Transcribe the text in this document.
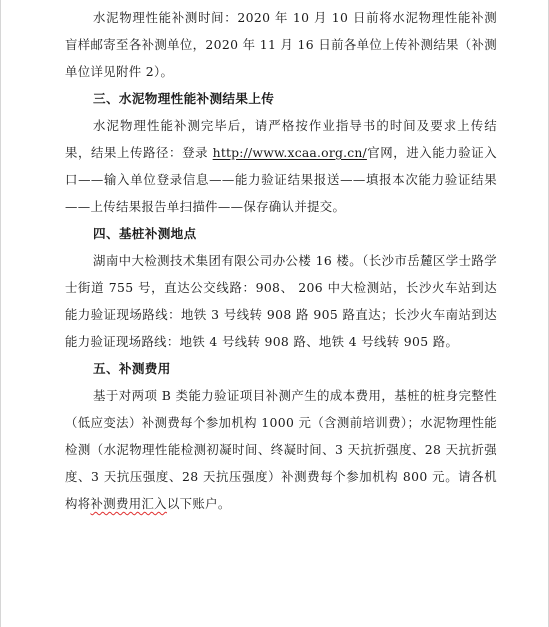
水泥物理性能补测时间：2020 年 10 月 10 日前将水泥物理性能补测盲样邮寄至各补测单位，2020 年 11 月 16 日前各单位上传补测结果（补测单位详见附件 2）。

三、水泥物理性能补测结果上传

水泥物理性能补测完毕后，请严格按作业指导书的时间及要求上传结果，结果上传路径：登录 http://www.xcaa.org.cn/官网，进入能力验证入口——输入单位登录信息——能力验证结果报送——填报本次能力验证结果——上传结果报告单扫描件——保存确认并提交。

四、基桩补测地点

湖南中大检测技术集团有限公司办公楼 16 楼。（长沙市岳麓区学士路学士街道 755 号，直达公交线路：908、 206 中大检测站，长沙火车站到达能力验证现场路线：地铁 3 号线转 908 路 905 路直达；长沙火车南站到达能力验证现场路线：地铁 4 号线转 908 路、地铁 4 号线转 905 路。

五、补测费用

基于对两项 B 类能力验证项目补测产生的成本费用，基桩的桩身完整性（低应变法）补测费每个参加机构 1000 元（含测前培训费）；水泥物理性能检测（水泥物理性能检测初凝时间、终凝时间、3 天抗折强度、28 天抗折强度、3 天抗压强度、28 天抗压强度）补测费每个参加机构 800 元。请各机构将补测费用汇入以下账户。
